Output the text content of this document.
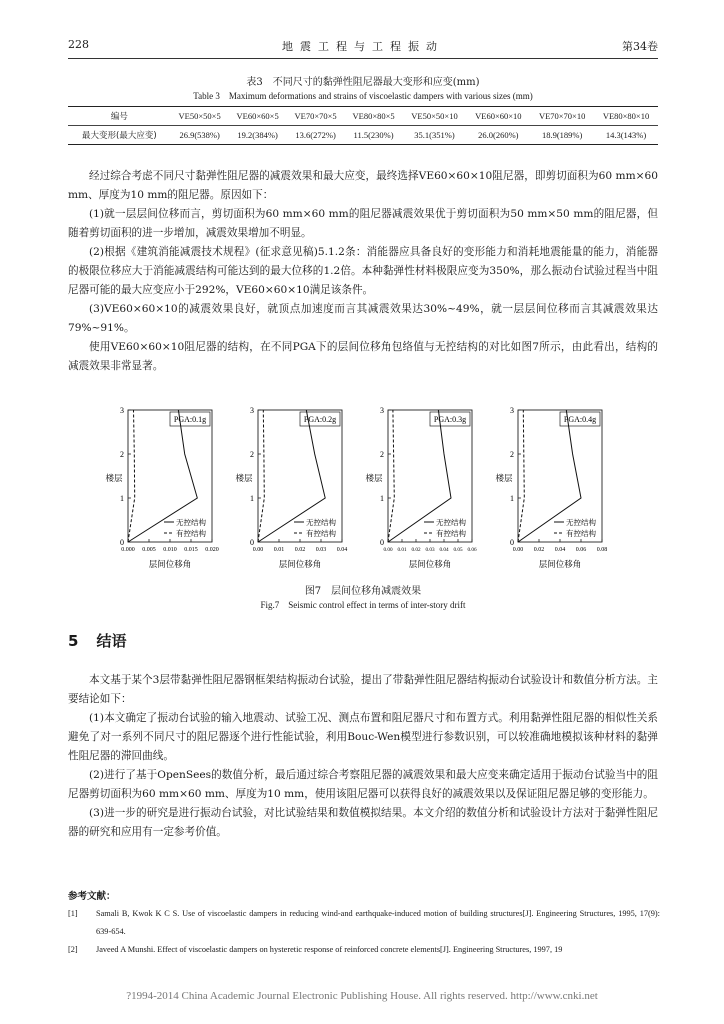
228	地震工程与工程振动	第34卷
表3　不同尺寸的黏弹性阻尼器最大变形和应变(mm)
Table 3　Maximum deformations and strains of viscoelastic dampers with various sizes (mm)
编号	VE50×50×5	VE60×60×5	VE70×70×5	VE80×80×5	VE50×50×10	VE60×60×10	VE70×70×10	VE80×80×10
最大变形(最大应变)	26.9(538%)	19.2(384%)	13.6(272%)	11.5(230%)	35.1(351%)	26.0(260%)	18.9(189%)	14.3(143%)

经过综合考虑不同尺寸黏弹性阻尼器的减震效果和最大应变，最终选择VE60×60×10阻尼器，即剪切面积为60 mm×60 mm、厚度为10 mm的阻尼器。原因如下：

(1)就一层层间位移而言，剪切面积为60 mm×60 mm的阻尼器减震效果优于剪切面积为50 mm×50 mm的阻尼器，但随着剪切面积的进一步增加，减震效果增加不明显。

(2)根据《建筑消能减震技术规程》(征求意见稿)5.1.2条：消能器应具备良好的变形能力和消耗地震能量的能力，消能器的极限位移应大于消能减震结构可能达到的最大位移的1.2倍。本种黏弹性材料极限应变为350%，那么振动台试验过程当中阻尼器可能的最大应变应小于292%，VE60×60×10满足该条件。

(3)VE60×60×10的减震效果良好，就顶点加速度而言其减震效果达30%~49%，就一层层间位移而言其减震效果达79%~91%。

使用VE60×60×10阻尼器的结构，在不同PGA下的层间位移角包络值与无控结构的对比如图7所示，由此看出，结构的减震效果非常显著。

0
1
2
3
0.000 0.005 0.010 0.015 0.020
楼层
层间位移角
PGA:0.1g
无控结构
有控结构
0
1
2
3
0.00 0.01 0.02 0.03 0.04
楼层
层间位移角
PGA:0.2g
无控结构
有控结构
0
1
2
3
0.00 0.01 0.02 0.03 0.04 0.05 0.06
楼层
层间位移角
PGA:0.3g
无控结构
有控结构
0
1
2
3
0.00 0.02 0.04 0.06 0.08
楼层
层间位移角
PGA:0.4g
无控结构
有控结构
图7　层间位移角减震效果
Fig.7　Seismic control effect in terms of inter-story drift
5 结语

本文基于某个3层带黏弹性阻尼器钢框架结构振动台试验，提出了带黏弹性阻尼器结构振动台试验设计和数值分析方法。主要结论如下：

(1)本文确定了振动台试验的输入地震动、试验工况、测点布置和阻尼器尺寸和布置方式。利用黏弹性阻尼器的相似性关系避免了对一系列不同尺寸的阻尼器逐个进行性能试验，利用Bouc-Wen模型进行参数识别，可以较准确地模拟该种材料的黏弹性阻尼器的滞回曲线。

(2)进行了基于OpenSees的数值分析，最后通过综合考察阻尼器的减震效果和最大应变来确定适用于振动台试验当中的阻尼器剪切面积为60 mm×60 mm、厚度为10 mm，使用该阻尼器可以获得良好的减震效果以及保证阻尼器足够的变形能力。

(3)进一步的研究是进行振动台试验，对比试验结果和数值模拟结果。本文介绍的数值分析和试验设计方法对于黏弹性阻尼器的研究和应用有一定参考价值。

参考文献：
[1] Samali B, Kwok K C S. Use of viscoelastic dampers in reducing wind-and earthquake-induced motion of building structures[J]. Engineering Structures, 1995, 17(9): 639-654.
[2] Javeed A Munshi. Effect of viscoelastic dampers on hysteretic response of reinforced concrete elements[J]. Engineering Structures, 1997, 19
?1994-2014 China Academic Journal Electronic Publishing House. All rights reserved. http://www.cnki.net
